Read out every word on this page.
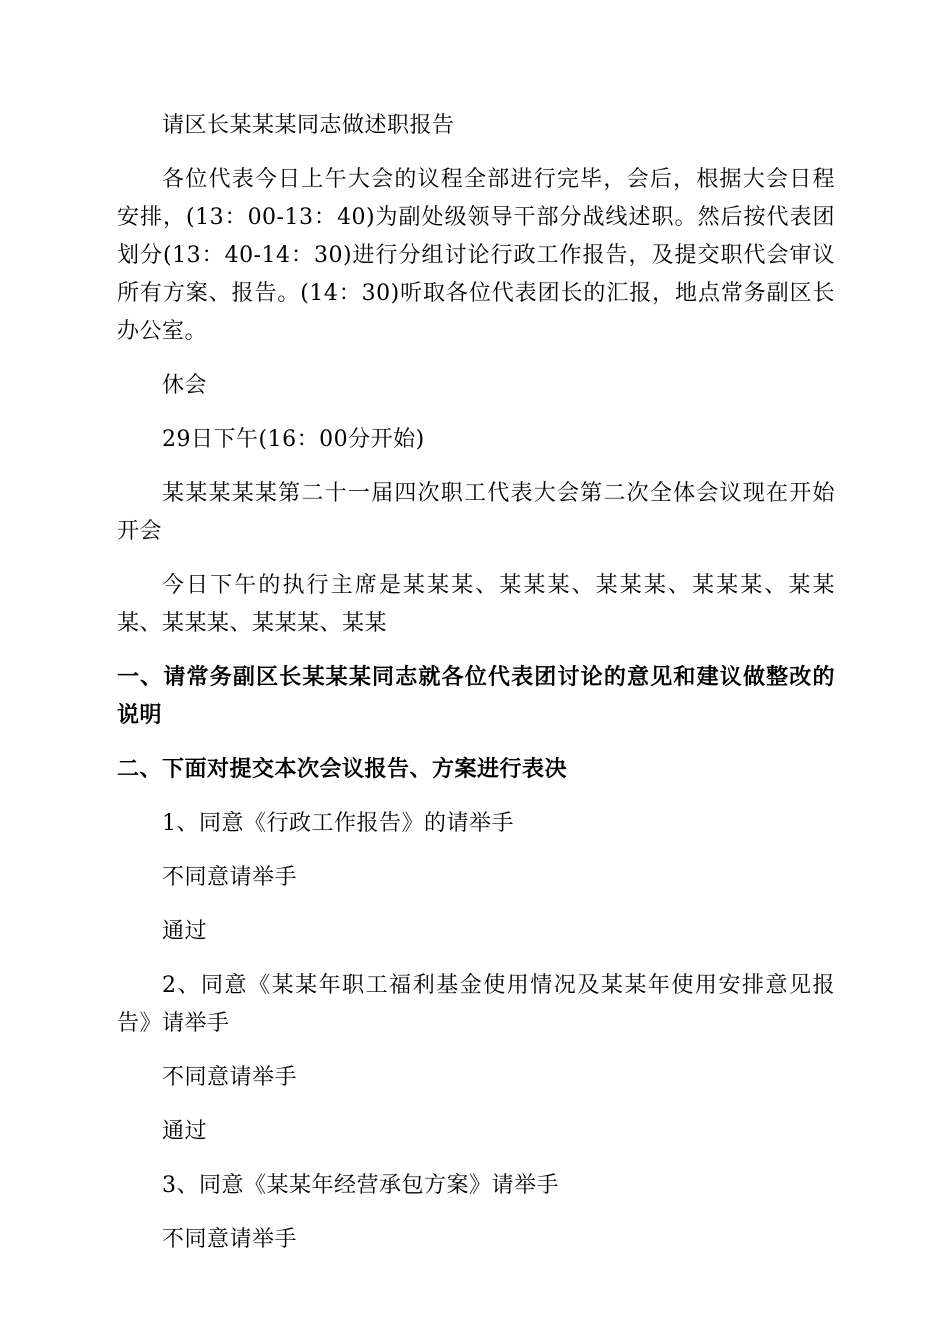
请区长某某某同志做述职报告

各位代表今日上午大会的议程全部进行完毕，会后，根据大会日程安排，(13：00-13：40)为副处级领导干部分战线述职。然后按代表团划分(13：40-14：30)进行分组讨论行政工作报告，及提交职代会审议所有方案、报告。(14：30)听取各位代表团长的汇报，地点常务副区长办公室。

休会

29日下午(16：00分开始)

某某某某某第二十一届四次职工代表大会第二次全体会议现在开始开会

今日下午的执行主席是某某某、某某某、某某某、某某某、某某某、某某某、某某某、某某

一、请常务副区长某某某同志就各位代表团讨论的意见和建议做整改的说明

二、下面对提交本次会议报告、方案进行表决

1、同意《行政工作报告》的请举手

不同意请举手

通过

2、同意《某某年职工福利基金使用情况及某某年使用安排意见报告》请举手

不同意请举手

通过

3、同意《某某年经营承包方案》请举手

不同意请举手
